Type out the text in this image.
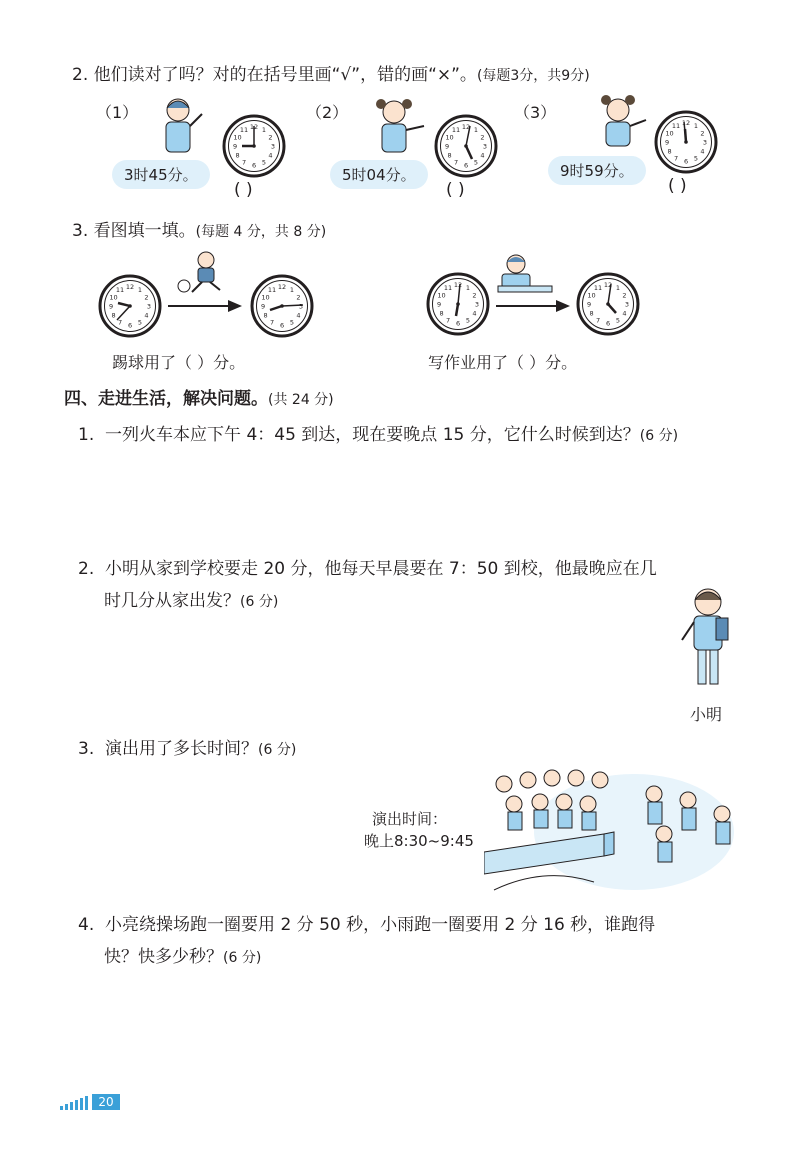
2. 他们读对了吗？对的在括号里画“√”，错的画“×”。(每题3分，共9分)
（1）	（2）	（3）
3时45分。
( )
5时04分。
( )
9时59分。
( )
3. 看图填一填。(每题 4 分，共 8 分)
踢球用了（ ）分。	写作业用了（ ）分。
四、走进生活，解决问题。(共 24 分)
1. 一列火车本应下午 4：45 到达，现在要晚点 15 分，它什么时候到达？(6 分)
2. 小明从家到学校要走 20 分，他每天早晨要在 7：50 到校，他最晚应在几
时几分从家出发？(6 分)
小明
3. 演出用了多长时间？(6 分)
演出时间：
晚上8:30~9:45
4. 小亮绕操场跑一圈要用 2 分 50 秒，小雨跑一圈要用 2 分 16 秒，谁跑得
快？快多少秒？(6 分)
20
